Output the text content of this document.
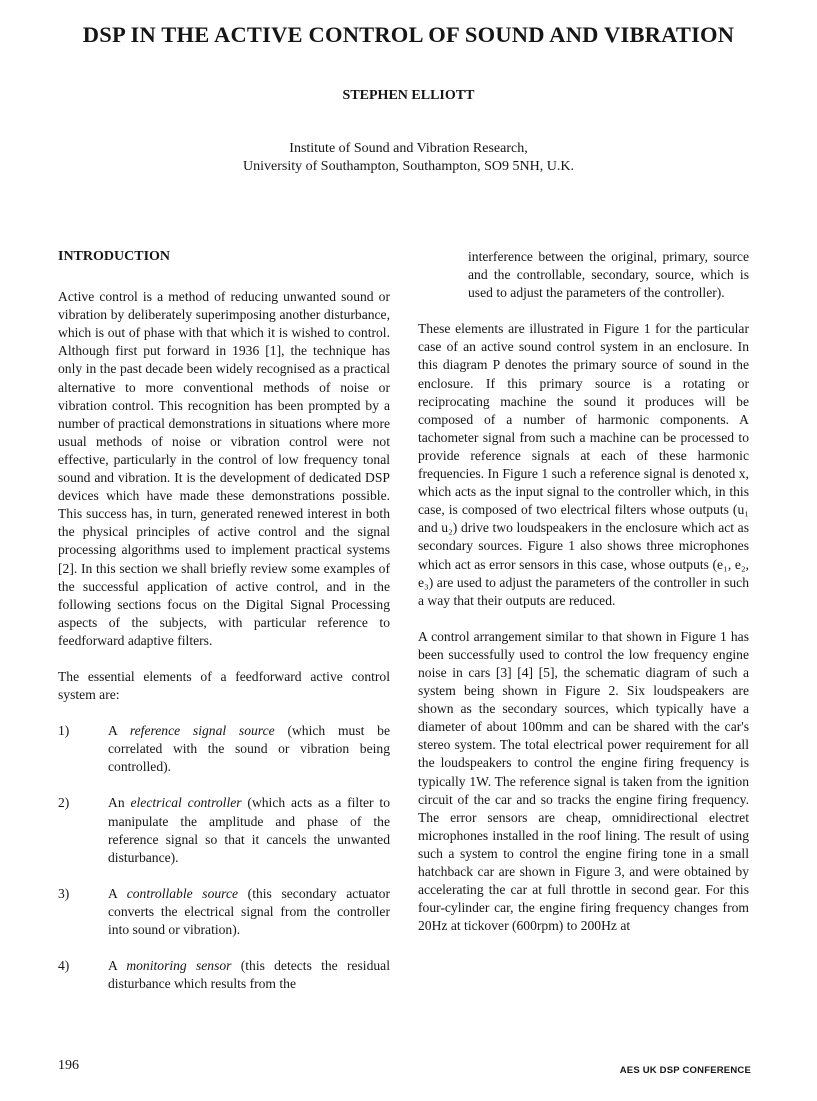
DSP IN THE ACTIVE CONTROL OF SOUND AND VIBRATION
STEPHEN ELLIOTT
Institute of Sound and Vibration Research,
University of Southampton, Southampton, SO9 5NH, U.K.
INTRODUCTION

Active control is a method of reducing unwanted sound or vibration by deliberately superimposing another disturbance, which is out of phase with that which it is wished to control. Although first put forward in 1936 [1], the technique has only in the past decade been widely recognised as a practical alternative to more conventional methods of noise or vibration control. This recognition has been prompted by a number of practical demonstrations in situations where more usual methods of noise or vibration control were not effective, particularly in the control of low frequency tonal sound and vibration. It is the development of dedicated DSP devices which have made these demonstrations possible. This success has, in turn, generated renewed interest in both the physical principles of active control and the signal processing algorithms used to implement practical systems [2]. In this section we shall briefly review some examples of the successful application of active control, and in the following sections focus on the Digital Signal Processing aspects of the subjects, with particular reference to feedforward adaptive filters.

The essential elements of a feedforward active control system are:

1)	A reference signal source (which must be correlated with the sound or vibration being controlled).
2)	An electrical controller (which acts as a filter to manipulate the amplitude and phase of the reference signal so that it cancels the unwanted disturbance).
3)	A controllable source (this secondary actuator converts the electrical signal from the controller into sound or vibration).
4)	A monitoring sensor (this detects the residual disturbance which results from the

interference between the original, primary, source and the controllable, secondary, source, which is used to adjust the parameters of the controller).

These elements are illustrated in Figure 1 for the particular case of an active sound control system in an enclosure. In this diagram P denotes the primary source of sound in the enclosure. If this primary source is a rotating or reciprocating machine the sound it produces will be composed of a number of harmonic components. A tachometer signal from such a machine can be processed to provide reference signals at each of these harmonic frequencies. In Figure 1 such a reference signal is denoted x, which acts as the input signal to the controller which, in this case, is composed of two electrical filters whose outputs (u₁ and u₂) drive two loudspeakers in the enclosure which act as secondary sources. Figure 1 also shows three microphones which act as error sensors in this case, whose outputs (e₁, e₂, e₃) are used to adjust the parameters of the controller in such a way that their outputs are reduced.

A control arrangement similar to that shown in Figure 1 has been successfully used to control the low frequency engine noise in cars [3] [4] [5], the schematic diagram of such a system being shown in Figure 2. Six loudspeakers are shown as the secondary sources, which typically have a diameter of about 100mm and can be shared with the car's stereo system. The total electrical power requirement for all the loudspeakers to control the engine firing frequency is typically 1W. The reference signal is taken from the ignition circuit of the car and so tracks the engine firing frequency. The error sensors are cheap, omnidirectional electret microphones installed in the roof lining. The result of using such a system to control the engine firing tone in a small hatchback car are shown in Figure 3, and were obtained by accelerating the car at full throttle in second gear. For this four-cylinder car, the engine firing frequency changes from 20Hz at tickover (600rpm) to 200Hz at

196	AES UK DSP CONFERENCE
